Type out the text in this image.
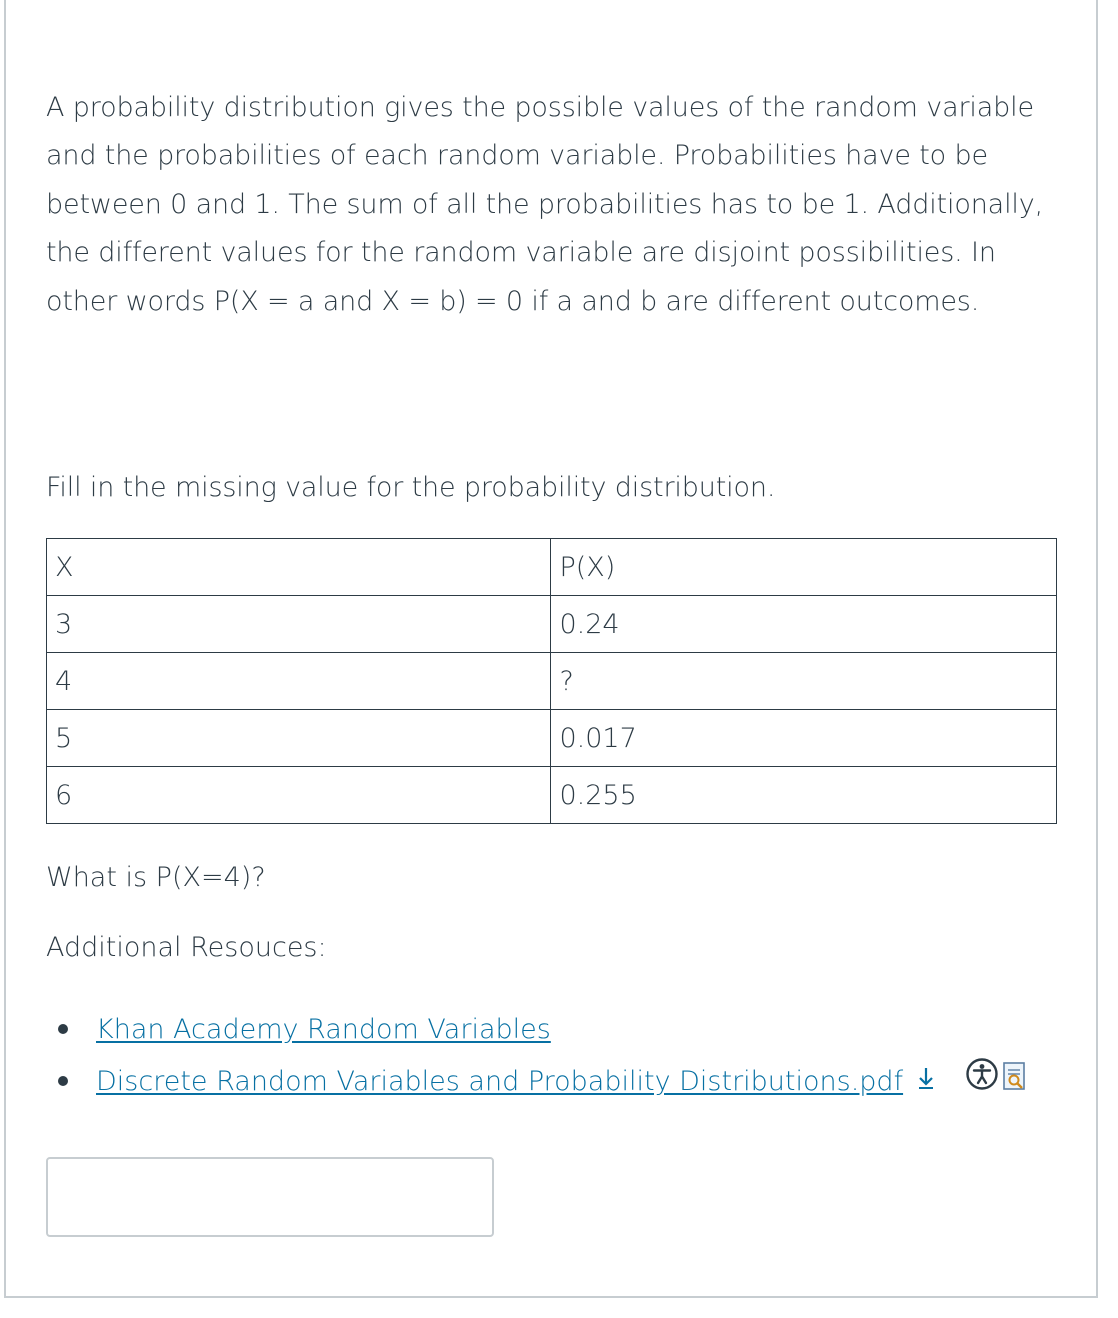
A probability distribution gives the possible values of the random variable and the probabilities of each random variable. Probabilities have to be between 0 and 1. The sum of all the probabilities has to be 1. Additionally, the different values for the random variable are disjoint possibilities. In other words P(X = a and X = b) = 0 if a and b are different outcomes.

Fill in the missing value for the probability distribution.

X	P(X)
3	0.24
4	?
5	0.017
6	0.255

What is P(X=4)?

Additional Resouces:

Khan Academy Random Variables
Discrete Random Variables and Probability Distributions.pdf
